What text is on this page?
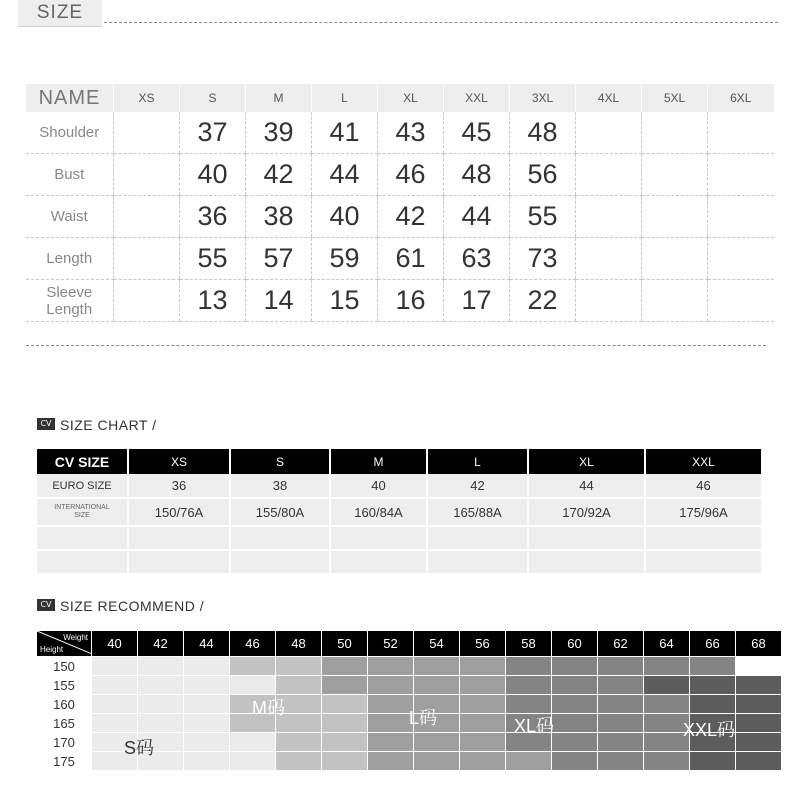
SIZE
NAME	XS	S	M	L	XL	XXL	3XL	4XL	5XL	6XL
Shoulder		37	39	41	43	45	48			
Bust		40	42	44	46	48	56			
Waist		36	38	40	42	44	55			
Length		55	57	59	61	63	73			
Sleeve
Length		13	14	15	16	17	22			
CV SIZE CHART /
CV SIZE	XS	S	M	L	XL	XXL
EURO SIZE	36	38	40	42	44	46
INTERNATIONAL
SIZE	150/76A	155/80A	160/84A	165/88A	170/92A	175/96A

CV SIZE RECOMMEND /
Weight
Height	40	42	44	46	48	50	52	54	56	58	60	62	64	66	68
150															
155															
160															
165															
170															
175															
S码
M码	L码	XL码	XXL码
